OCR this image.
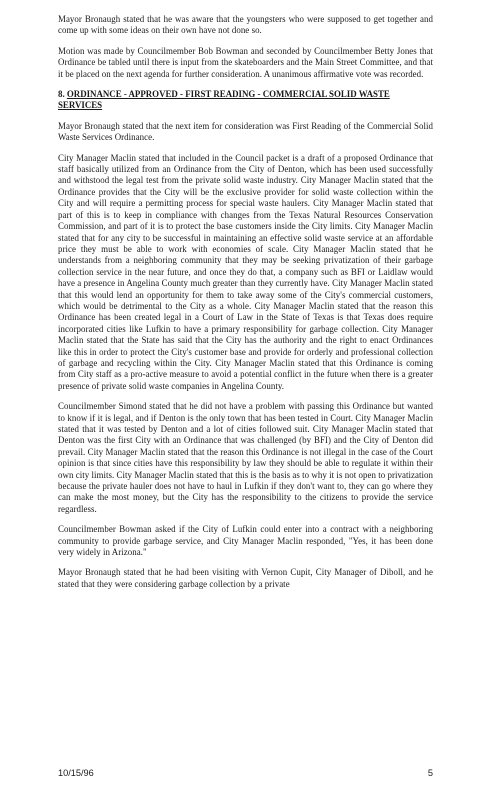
Mayor Bronaugh stated that he was aware that the youngsters who were supposed to get together and come up with some ideas on their own have not done so.

Motion was made by Councilmember Bob Bowman and seconded by Councilmember Betty Jones that Ordinance be tabled until there is input from the skateboarders and the Main Street Committee, and that it be placed on the next agenda for further consideration. A unanimous affirmative vote was recorded.

8. ORDINANCE - APPROVED - FIRST READING - COMMERCIAL SOLID WASTE SERVICES

Mayor Bronaugh stated that the next item for consideration was First Reading of the Commercial Solid Waste Services Ordinance.

City Manager Maclin stated that included in the Council packet is a draft of a proposed Ordinance that staff basically utilized from an Ordinance from the City of Denton, which has been used successfully and withstood the legal test from the private solid waste industry. City Manager Maclin stated that the Ordinance provides that the City will be the exclusive provider for solid waste collection within the City and will require a permitting process for special waste haulers. City Manager Maclin stated that part of this is to keep in compliance with changes from the Texas Natural Resources Conservation Commission, and part of it is to protect the base customers inside the City limits. City Manager Maclin stated that for any city to be successful in maintaining an effective solid waste service at an affordable price they must be able to work with economies of scale. City Manager Maclin stated that he understands from a neighboring community that they may be seeking privatization of their garbage collection service in the near future, and once they do that, a company such as BFI or Laidlaw would have a presence in Angelina County much greater than they currently have. City Manager Maclin stated that this would lend an opportunity for them to take away some of the City's commercial customers, which would be detrimental to the City as a whole. City Manager Maclin stated that the reason this Ordinance has been created legal in a Court of Law in the State of Texas is that Texas does require incorporated cities like Lufkin to have a primary responsibility for garbage collection. City Manager Maclin stated that the State has said that the City has the authority and the right to enact Ordinances like this in order to protect the City's customer base and provide for orderly and professional collection of garbage and recycling within the City. City Manager Maclin stated that this Ordinance is coming from City staff as a pro-active measure to avoid a potential conflict in the future when there is a greater presence of private solid waste companies in Angelina County.

Councilmember Simond stated that he did not have a problem with passing this Ordinance but wanted to know if it is legal, and if Denton is the only town that has been tested in Court. City Manager Maclin stated that it was tested by Denton and a lot of cities followed suit. City Manager Maclin stated that Denton was the first City with an Ordinance that was challenged (by BFI) and the City of Denton did prevail. City Manager Maclin stated that the reason this Ordinance is not illegal in the case of the Court opinion is that since cities have this responsibility by law they should be able to regulate it within their own city limits. City Manager Maclin stated that this is the basis as to why it is not open to privatization because the private hauler does not have to haul in Lufkin if they don't want to, they can go where they can make the most money, but the City has the responsibility to the citizens to provide the service regardless.

Councilmember Bowman asked if the City of Lufkin could enter into a contract with a neighboring community to provide garbage service, and City Manager Maclin responded, "Yes, it has been done very widely in Arizona."

Mayor Bronaugh stated that he had been visiting with Vernon Cupit, City Manager of Diboll, and he stated that they were considering garbage collection by a private

10/15/96	5
